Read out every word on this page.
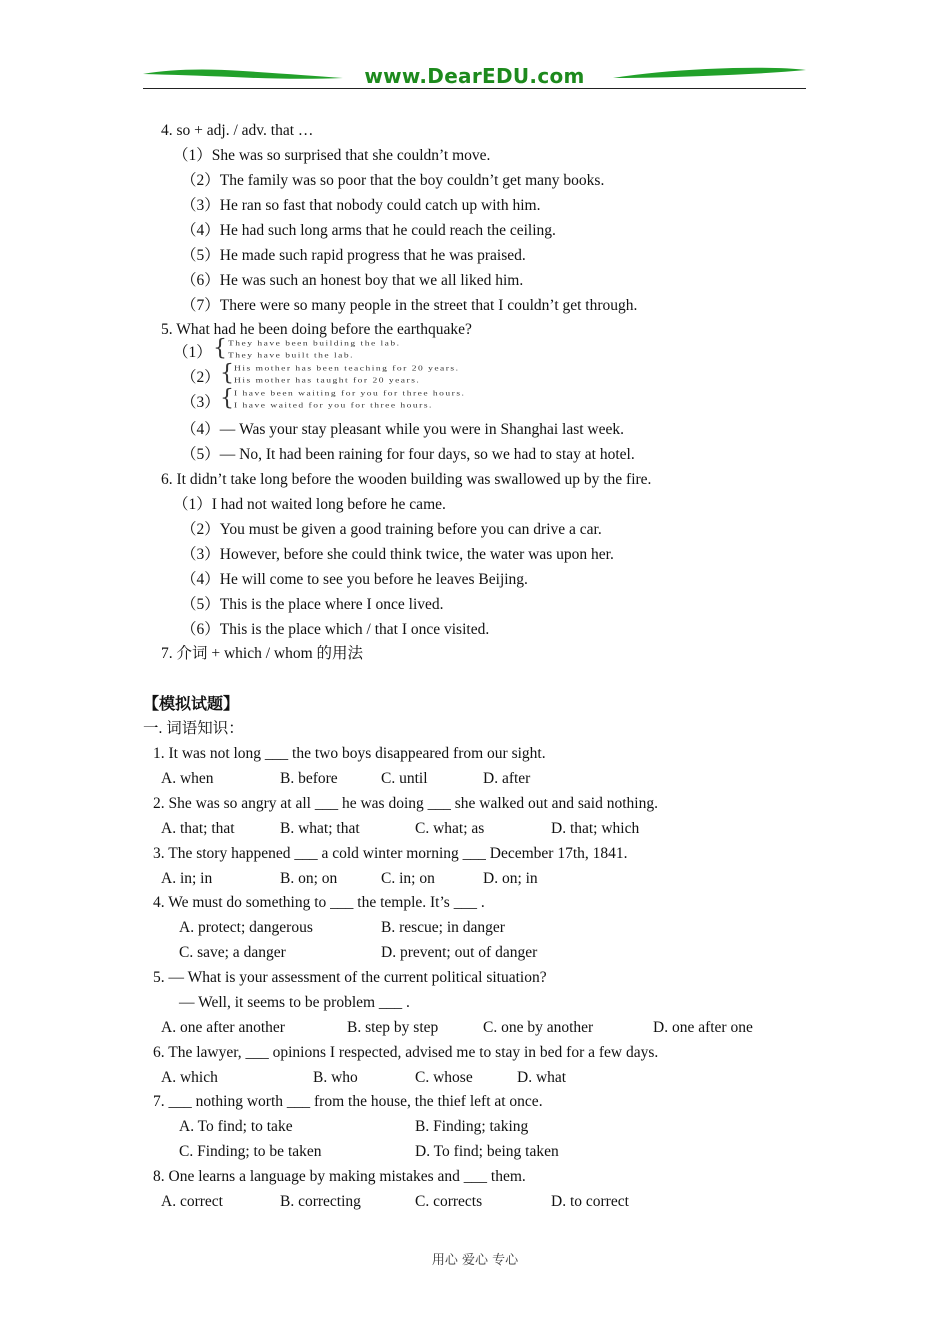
www.DearEDU.com
4. so + adj. / adv. that …
（1）She was so surprised that she couldn’t move.
（2）The family was so poor that the boy couldn’t get many books.
（3）He ran so fast that nobody could catch up with him.
（4）He had such long arms that he could reach the ceiling.
（5）He made such rapid progress that he was praised.
（6）He was such an honest boy that we all liked him.
（7）There were so many people in the street that I couldn’t get through.
5. What had he been doing before the earthquake?
（1） { They have been building the lab.
They have built the lab.
（2） { His mother has been teaching for 20 years.
His mother has taught for 20 years.
（3） { I have been waiting for you for three hours.
I have waited for you for three hours.
（4）— Was your stay pleasant while you were in Shanghai last week.
（5）— No, It had been raining for four days, so we had to stay at hotel.
6. It didn’t take long before the wooden building was swallowed up by the fire.
（1）I had not waited long before he came.
（2）You must be given a good training before you can drive a car.
（3）However, before she could think twice, the water was upon her.
（4）He will come to see you before he leaves Beijing.
（5）This is the place where I once lived.
（6）This is the place which / that I once visited.
7. 介词 + which / whom 的用法
【模拟试题】
一. 词语知识：
1. It was not long ___ the two boys disappeared from our sight.
A. when	B. before	C. until	D. after
2. She was so angry at all ___ he was doing ___ she walked out and said nothing.
A. that; that	B. what; that	C. what; as	D. that; which
3. The story happened ___ a cold winter morning ___ December 17th, 1841.
A. in; in	B. on; on	C. in; on	D. on; in
4. We must do something to ___ the temple. It’s ___ .
A. protect; dangerous	B. rescue; in danger
C. save; a danger	D. prevent; out of danger
5. — What is your assessment of the current political situation?
— Well, it seems to be problem ___ .
A. one after another	B. step by step	C. one by another	D. one after one
6. The lawyer, ___ opinions I respected, advised me to stay in bed for a few days.
A. which	B. who	C. whose	D. what
7. ___ nothing worth ___ from the house, the thief left at once.
A. To find; to take	B. Finding; taking
C. Finding; to be taken	D. To find; being taken
8. One learns a language by making mistakes and ___ them.
A. correct	B. correcting	C. corrects	D. to correct
用心 爱心 专心
